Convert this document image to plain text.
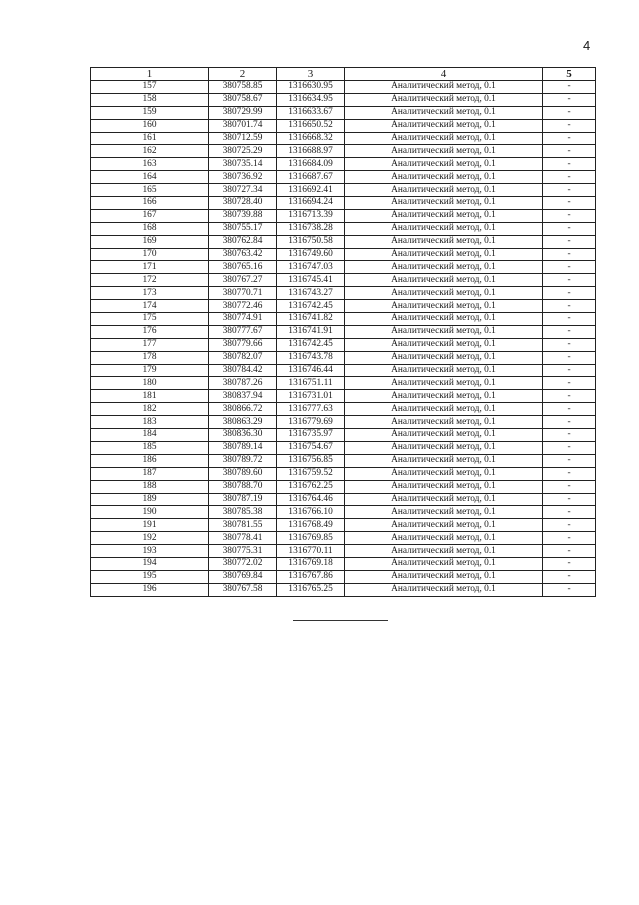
4
1	2	3	4	5
157	380758.85	1316630.95	Аналитический метод, 0.1	-
158	380758.67	1316634.95	Аналитический метод, 0.1	-
159	380729.99	1316633.67	Аналитический метод, 0.1	-
160	380701.74	1316650.52	Аналитический метод, 0.1	-
161	380712.59	1316668.32	Аналитический метод, 0.1	-
162	380725.29	1316688.97	Аналитический метод, 0.1	-
163	380735.14	1316684.09	Аналитический метод, 0.1	-
164	380736.92	1316687.67	Аналитический метод, 0.1	-
165	380727.34	1316692.41	Аналитический метод, 0.1	-
166	380728.40	1316694.24	Аналитический метод, 0.1	-
167	380739.88	1316713.39	Аналитический метод, 0.1	-
168	380755.17	1316738.28	Аналитический метод, 0.1	-
169	380762.84	1316750.58	Аналитический метод, 0.1	-
170	380763.42	1316749.60	Аналитический метод, 0.1	-
171	380765.16	1316747.03	Аналитический метод, 0.1	-
172	380767.27	1316745.41	Аналитический метод, 0.1	-
173	380770.71	1316743.27	Аналитический метод, 0.1	-
174	380772.46	1316742.45	Аналитический метод, 0.1	-
175	380774.91	1316741.82	Аналитический метод, 0.1	-
176	380777.67	1316741.91	Аналитический метод, 0.1	-
177	380779.66	1316742.45	Аналитический метод, 0.1	-
178	380782.07	1316743.78	Аналитический метод, 0.1	-
179	380784.42	1316746.44	Аналитический метод, 0.1	-
180	380787.26	1316751.11	Аналитический метод, 0.1	-
181	380837.94	1316731.01	Аналитический метод, 0.1	-
182	380866.72	1316777.63	Аналитический метод, 0.1	-
183	380863.29	1316779.69	Аналитический метод, 0.1	-
184	380836.30	1316735.97	Аналитический метод, 0.1	-
185	380789.14	1316754.67	Аналитический метод, 0.1	-
186	380789.72	1316756.85	Аналитический метод, 0.1	-
187	380789.60	1316759.52	Аналитический метод, 0.1	-
188	380788.70	1316762.25	Аналитический метод, 0.1	-
189	380787.19	1316764.46	Аналитический метод, 0.1	-
190	380785.38	1316766.10	Аналитический метод, 0.1	-
191	380781.55	1316768.49	Аналитический метод, 0.1	-
192	380778.41	1316769.85	Аналитический метод, 0.1	-
193	380775.31	1316770.11	Аналитический метод, 0.1	-
194	380772.02	1316769.18	Аналитический метод, 0.1	-
195	380769.84	1316767.86	Аналитический метод, 0.1	-
196	380767.58	1316765.25	Аналитический метод, 0.1	-
